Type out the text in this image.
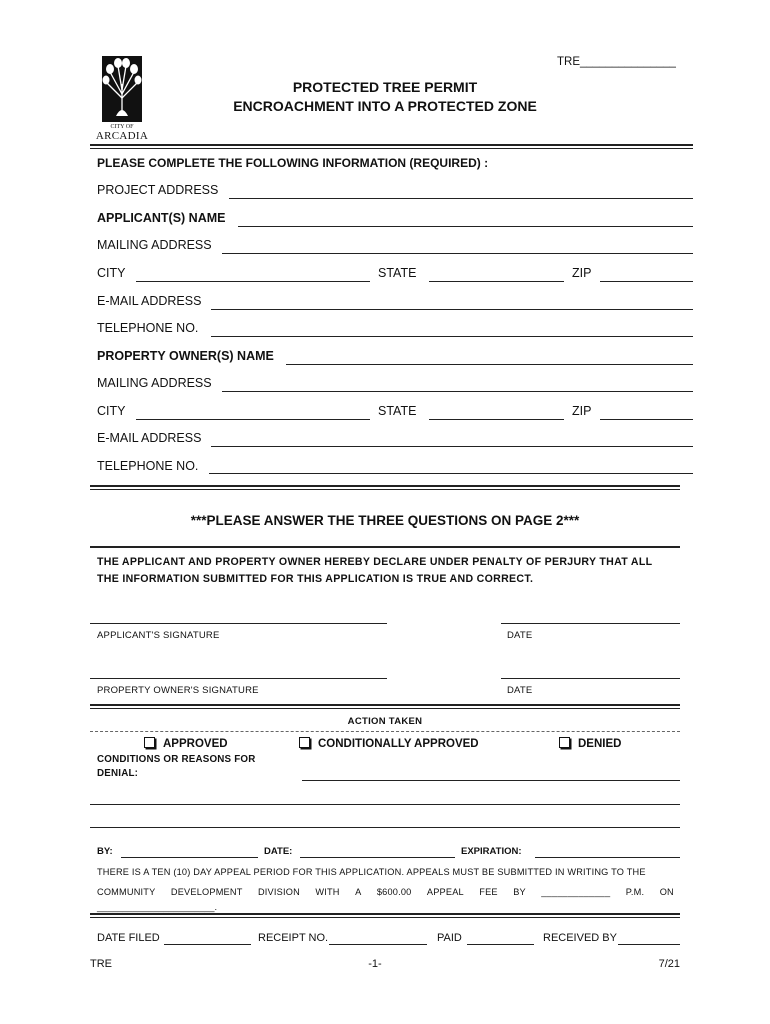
TRE_______________
CITY OF
ARCADIA
PROTECTED TREE PERMIT
ENCROACHMENT INTO A PROTECTED ZONE
PLEASE COMPLETE THE FOLLOWING INFORMATION (REQUIRED) :
PROJECT ADDRESS
APPLICANT(S) NAME
MAILING ADDRESS
CITY	STATE	ZIP
E-MAIL ADDRESS
TELEPHONE NO.
PROPERTY OWNER(S) NAME
MAILING ADDRESS
CITY	STATE	ZIP
E-MAIL ADDRESS
TELEPHONE NO.
***PLEASE ANSWER THE THREE QUESTIONS ON PAGE 2***
THE APPLICANT AND PROPERTY OWNER HEREBY DECLARE UNDER PENALTY OF PERJURY THAT ALL
THE INFORMATION SUBMITTED FOR THIS APPLICATION IS TRUE AND CORRECT.
APPLICANT'S SIGNATURE	DATE
PROPERTY OWNER'S SIGNATURE	DATE
ACTION TAKEN
APPROVED	CONDITIONALLY APPROVED	DENIED
CONDITIONS OR REASONS FOR
DENIAL:
BY:	DATE:	EXPIRATION:
THERE IS A TEN (10) DAY APPEAL PERIOD FOR THIS APPLICATION. APPEALS MUST BE SUBMITTED IN WRITING TO THE
COMMUNITY DEVELOPMENT DIVISION WITH A $600.00 APPEAL FEE BY _____________ P.M. ON
_______________________.
DATE FILED	RECEIPT NO.	PAID	RECEIVED BY
TRE	-1-	7/21
